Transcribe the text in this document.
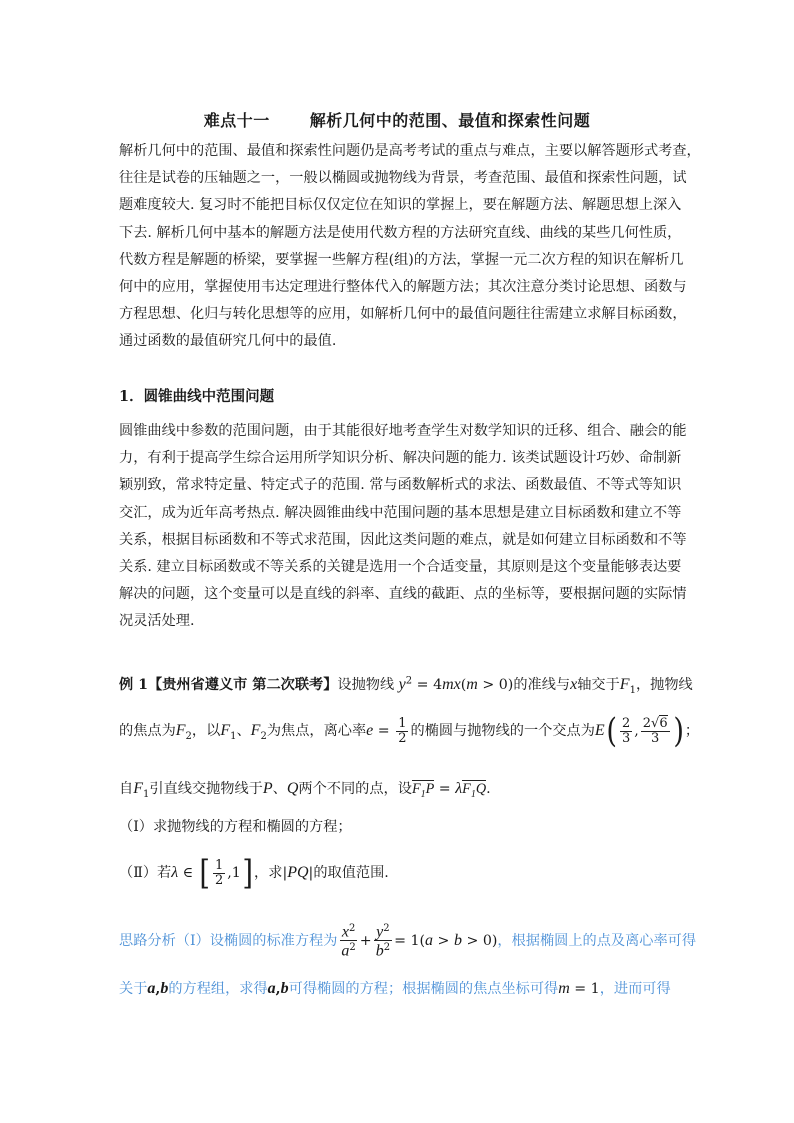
难点十一	解析几何中的范围、最值和探索性问题
解析几何中的范围、最值和探索性问题仍是高考考试的重点与难点，主要以解答题形式考查，
往往是试卷的压轴题之一，一般以椭圆或抛物线为背景，考查范围、最值和探索性问题，试
题难度较大. 复习时不能把目标仅仅定位在知识的掌握上，要在解题方法、解题思想上深入
下去. 解析几何中基本的解题方法是使用代数方程的方法研究直线、曲线的某些几何性质，
代数方程是解题的桥梁，要掌握一些解方程(组)的方法，掌握一元二次方程的知识在解析几
何中的应用，掌握使用韦达定理进行整体代入的解题方法；其次注意分类讨论思想、函数与
方程思想、化归与转化思想等的应用，如解析几何中的最值问题往往需建立求解目标函数，
通过函数的最值研究几何中的最值.
1．圆锥曲线中范围问题
圆锥曲线中参数的范围问题，由于其能很好地考查学生对数学知识的迁移、组合、融会的能
力，有利于提高学生综合运用所学知识分析、解决问题的能力. 该类试题设计巧妙、命制新
颖别致，常求特定量、特定式子的范围. 常与函数解析式的求法、函数最值、不等式等知识
交汇，成为近年高考热点. 解决圆锥曲线中范围问题的基本思想是建立目标函数和建立不等
关系，根据目标函数和不等式求范围，因此这类问题的难点，就是如何建立目标函数和不等
关系. 建立目标函数或不等关系的关键是选用一个合适变量，其原则是这个变量能够表达要
解决的问题，这个变量可以是直线的斜率、直线的截距、点的坐标等，要根据问题的实际情
况灵活处理.
例 1【贵州省遵义市 第二次联考】设抛物线 $y^2 = 4mx(m > 0)$的准线与x轴交于$F_1$，抛物线
的焦点为$F_2$，以$F_1$、$F_2$为焦点，离心率$e = \frac{1}{2}$ 的椭圆与抛物线的一个交点为$E( \frac{2}{3}$ , $\frac{2√6}{3}$ )；
自$F_1$引直线交抛物线于P、Q两个不同的点，设$F_1P = \lambda F_1Q$.
（Ⅰ）求抛物线的方程和椭圆的方程；
（Ⅱ）若λ ∈ [ $\frac{1}{2} ,1$]，求|PQ|的取值范围.
思路分析（Ⅰ）设椭圆的标准方程为 $\frac{x^2}{a^2} + \frac{y^2}{b^2} = 1(a > b > 0)$，根据椭圆上的点及离心率可得
关于a,b的方程组，求得a,b可得椭圆的方程；根据椭圆的焦点坐标可得m = 1，进而可得
